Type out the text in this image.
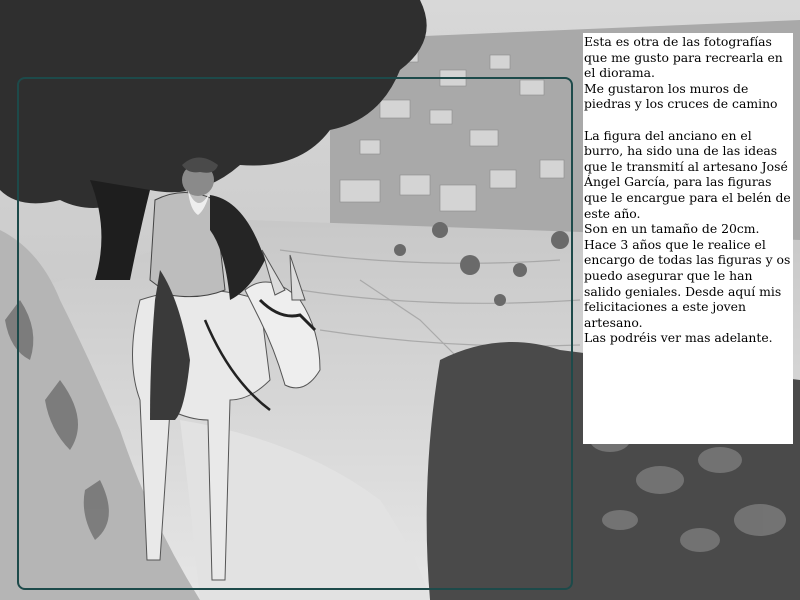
Esta es otra de las fotografías que me gusto para recrearla en el diorama.

Me gustaron los muros de piedras y los cruces de camino

La figura del anciano en el burro, ha sido una de las ideas que le transmití al artesano José Ángel García, para las figuras que le encargue para el belén de este año.

Son en un tamaño de 20cm.

Hace 3 años que le realice el encargo de todas las figuras y os puedo asegurar que le han salido geniales. Desde aquí mis felicitaciones a este joven artesano.

Las podréis ver mas adelante.
